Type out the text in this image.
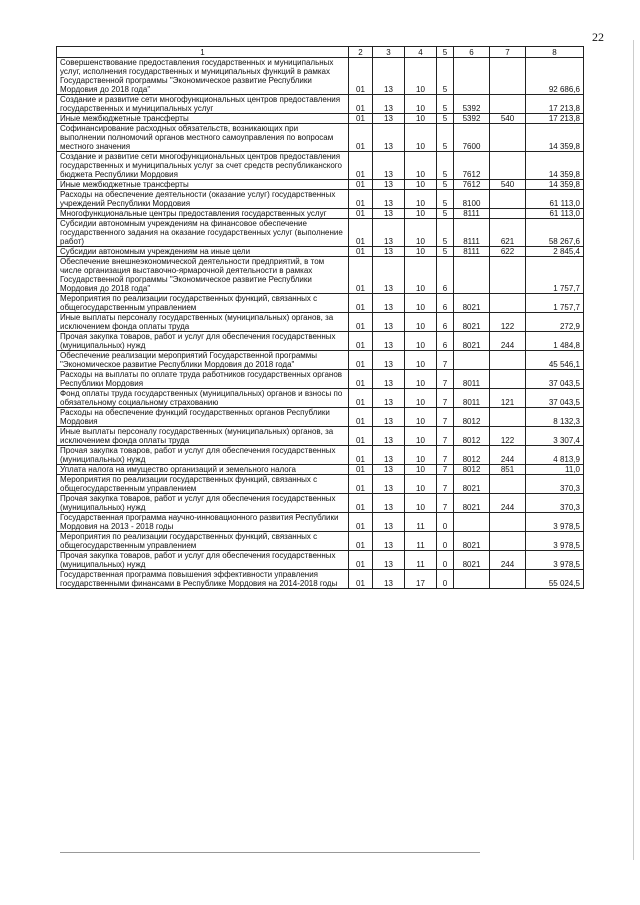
22
1	2	3	4	5	6	7	8
Совершенствование предоставления государственных и муниципальных услуг, исполнения государственных и муниципальных функций в рамках Государственной программы "Экономическое развитие Республики Мордовия до 2018 года"	01	13	10	5			92 686,6
Создание и развитие сети многофункциональных центров предоставления государственных и муниципальных услуг	01	13	10	5	5392		17 213,8
Иные межбюджетные трансферты	01	13	10	5	5392	540	17 213,8
Софинансирование расходных обязательств, возникающих при выполнении полномочий органов местного самоуправления по вопросам местного значения	01	13	10	5	7600		14 359,8
Создание и развитие сети многофункциональных центров предоставления государственных и муниципальных услуг за счет средств республиканского бюджета Республики Мордовия	01	13	10	5	7612		14 359,8
Иные межбюджетные трансферты	01	13	10	5	7612	540	14 359,8
Расходы на обеспечение деятельности (оказание услуг) государственных учреждений Республики Мордовия	01	13	10	5	8100		61 113,0
Многофункциональные центры предоставления государственных услуг	01	13	10	5	8111		61 113,0
Субсидии автономным учреждениям на финансовое обеспечение государственного задания на оказание государственных услуг (выполнение работ)	01	13	10	5	8111	621	58 267,6
Субсидии автономным учреждениям на иные цели	01	13	10	5	8111	622	2 845,4
Обеспечение внешнеэкономической деятельности предприятий, в том числе организация выставочно-ярмарочной деятельности в рамках Государственной программы "Экономическое развитие Республики Мордовия до 2018 года"	01	13	10	6			1 757,7
Мероприятия по реализации государственных функций, связанных с общегосударственным управлением	01	13	10	6	8021		1 757,7
Иные выплаты персоналу государственных (муниципальных) органов, за исключением фонда оплаты труда	01	13	10	6	8021	122	272,9
Прочая закупка товаров, работ и услуг для обеспечения государственных (муниципальных) нужд	01	13	10	6	8021	244	1 484,8
Обеспечение реализации мероприятий Государственной программы "Экономическое развитие Республики Мордовия до 2018 года"	01	13	10	7			45 546,1
Расходы на выплаты по оплате труда работников государственных органов Республики Мордовия	01	13	10	7	8011		37 043,5
Фонд оплаты труда государственных (муниципальных) органов и взносы по обязательному социальному страхованию	01	13	10	7	8011	121	37 043,5
Расходы на обеспечение функций государственных органов Республики Мордовия	01	13	10	7	8012		8 132,3
Иные выплаты персоналу государственных (муниципальных) органов, за исключением фонда оплаты труда	01	13	10	7	8012	122	3 307,4
Прочая закупка товаров, работ и услуг для обеспечения государственных (муниципальных) нужд	01	13	10	7	8012	244	4 813,9
Уплата налога на имущество организаций и земельного налога	01	13	10	7	8012	851	11,0
Мероприятия по реализации государственных функций, связанных с общегосударственным управлением	01	13	10	7	8021		370,3
Прочая закупка товаров, работ и услуг для обеспечения государственных (муниципальных) нужд	01	13	10	7	8021	244	370,3
Государственная программа научно-инновационного развития Республики Мордовия на 2013 - 2018 годы	01	13	11	0			3 978,5
Мероприятия по реализации государственных функций, связанных с общегосударственным управлением	01	13	11	0	8021		3 978,5
Прочая закупка товаров, работ и услуг для обеспечения государственных (муниципальных) нужд	01	13	11	0	8021	244	3 978,5
Государственная программа повышения эффективности управления государственными финансами в Республике Мордовия на 2014-2018 годы	01	13	17	0			55 024,5
